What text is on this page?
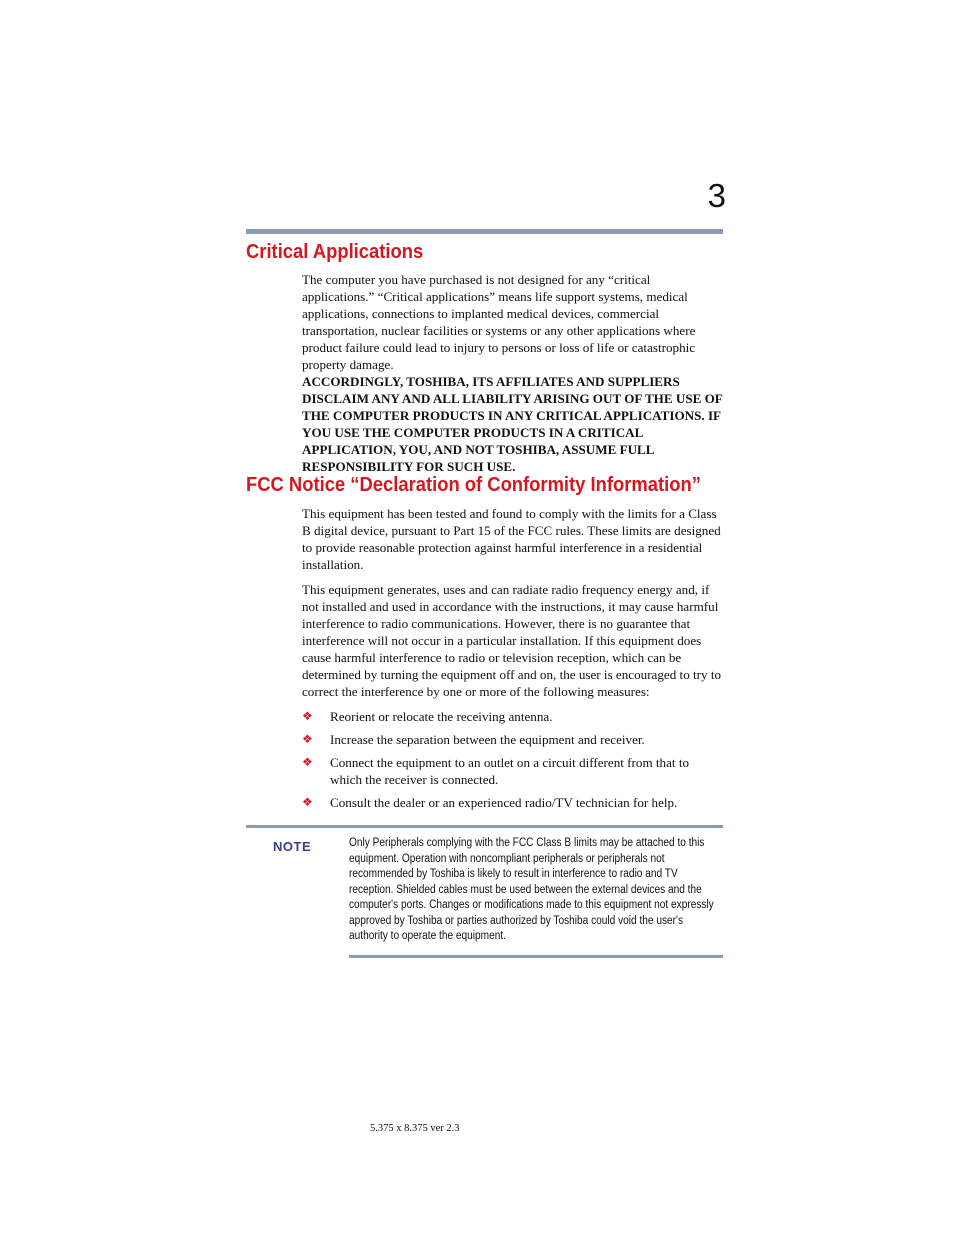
3
Critical Applications

The computer you have purchased is not designed for any “critical applications.” “Critical applications” means life support systems, medical applications, connections to implanted medical devices, commercial transportation, nuclear facilities or systems or any other applications where product failure could lead to injury to persons or loss of life or catastrophic property damage.

ACCORDINGLY, TOSHIBA, ITS AFFILIATES AND SUPPLIERS DISCLAIM ANY AND ALL LIABILITY ARISING OUT OF THE USE OF THE COMPUTER PRODUCTS IN ANY CRITICAL APPLICATIONS. IF YOU USE THE COMPUTER PRODUCTS IN A CRITICAL APPLICATION, YOU, AND NOT TOSHIBA, ASSUME FULL RESPONSIBILITY FOR SUCH USE.

FCC Notice “Declaration of Conformity Information”

This equipment has been tested and found to comply with the limits for a Class B digital device, pursuant to Part 15 of the FCC rules. These limits are designed to provide reasonable protection against harmful interference in a residential installation.

This equipment generates, uses and can radiate radio frequency energy and, if not installed and used in accordance with the instructions, it may cause harmful interference to radio communications. However, there is no guarantee that interference will not occur in a particular installation. If this equipment does cause harmful interference to radio or television reception, which can be determined by turning the equipment off and on, the user is encouraged to try to correct the interference by one or more of the following measures:

❖ Reorient or relocate the receiving antenna.
❖ Increase the separation between the equipment and receiver.
❖ Connect the equipment to an outlet on a circuit different from that to which the receiver is connected.
❖ Consult the dealer or an experienced radio/TV technician for help.
NOTE	Only Peripherals complying with the FCC Class B limits may be attached to this equipment. Operation with noncompliant peripherals or peripherals not recommended by Toshiba is likely to result in interference to radio and TV reception. Shielded cables must be used between the external devices and the computer's ports. Changes or modifications made to this equipment not expressly approved by Toshiba or parties authorized by Toshiba could void the user's authority to operate the equipment.
5.375 x 8.375 ver 2.3
